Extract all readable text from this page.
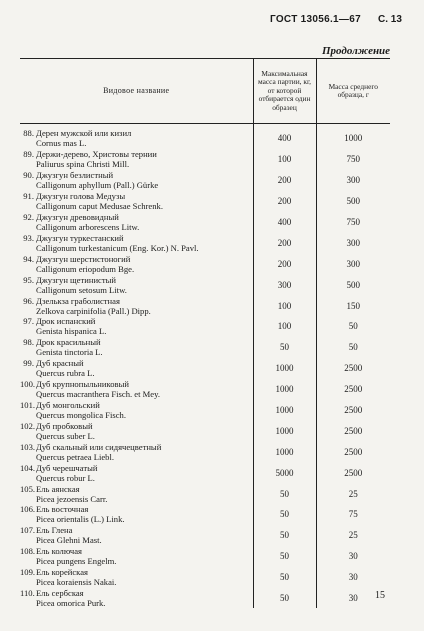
ГОСТ 13056.1—67 С. 13
Продолжение
Видовое название	Максимальная масса партии, кг, от которой отбирается один образец	Масса среднего образца, г

88. Дерен мужской или кизил
Cornus mas L.	400	1000
89. Держи-дерево, Христовы тернии
Paliurus spina Christi Mill.	100	750
90. Джузгун безлистный
Calligonum aphyllum (Pall.) Gürke	200	300
91. Джузгун голова Медузы
Calligonum caput Medusae Schrenk.	200	500
92. Джузгун древовидный
Calligonum arborescens Litw.	400	750
93. Джузгун туркестанский
Calligonum turkestanicum (Eng. Kor.) N. Pavl.	200	300
94. Джузгун шерстистоногий
Calligonum eriopodum Bge.	200	300
95. Джузгун щетинистый
Calligonum setosum Litw.	300	500
96. Дзелькза граболистная
Zelkova carpinifolia (Pall.) Dipp.	100	150
97. Дрок испанский
Genista hispanica L.	100	50
98. Дрок красильный
Genista tinctoria L.	50	50
99. Дуб красный
Quercus rubra L.	1000	2500
100.Дуб крупнопыльниковый
Quercus macranthera Fisch. et Mey.	1000	2500
101.Дуб монгольский
Quercus mongolica Fisch.	1000	2500
102.Дуб пробковый
Quercus suber L.	1000	2500
103.Дуб скальный или сидячецветный
Quercus petraea Liebl.	1000	2500
104.Дуб черешчатый
Quercus robur L.	5000	2500
105.Ель аянская
Picea jezoensis Carr.	50	25
106.Ель восточная
Picea orientalis (L.) Link.	50	75
107.Ель Глена
Picea Glehni Mast.	50	25
108.Ель колючая
Picea pungens Engelm.	50	30
109.Ель корейская
Picea koraiensis Nakai.	50	30
110.Ель сербская
Picea omorica Purk.	50	30 15
